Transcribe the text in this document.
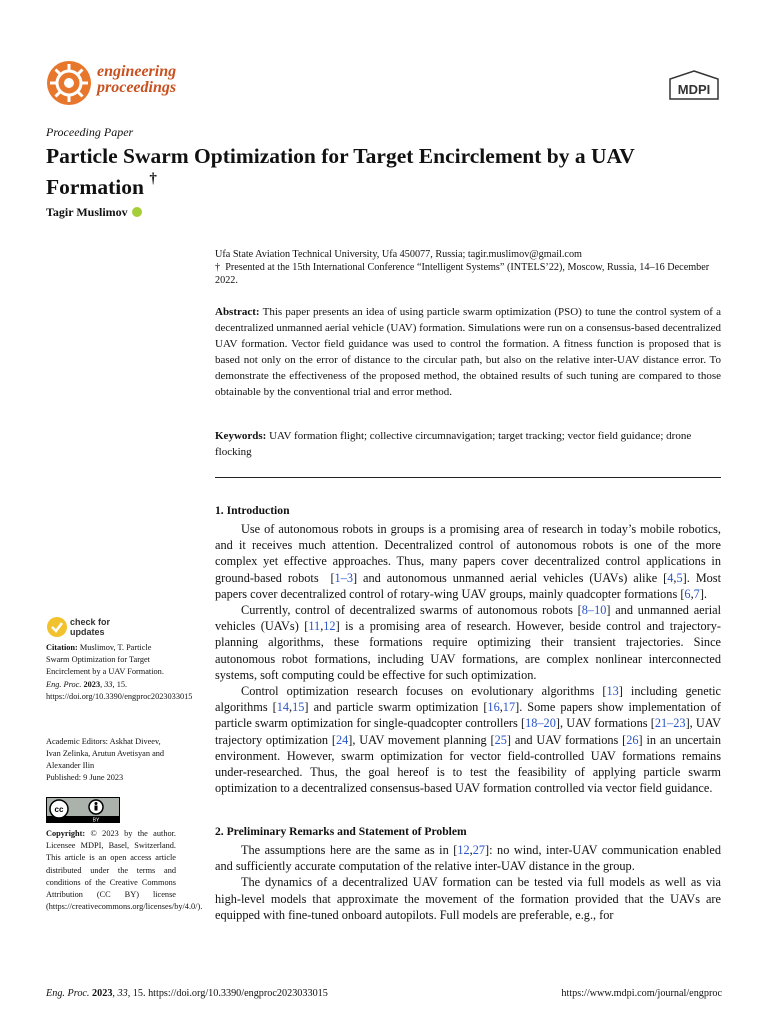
engineering
proceedings	MDPI
Proceeding Paper
Particle Swarm Optimization for Target Encirclement by a UAV Formation †
Tagir Muslimov
Ufa State Aviation Technical University, Ufa 450077, Russia; tagir.muslimov@gmail.com
† Presented at the 15th International Conference “Intelligent Systems” (INTELS’22), Moscow, Russia, 14–16 December 2022.
Abstract: This paper presents an idea of using particle swarm optimization (PSO) to tune the control system of a decentralized unmanned aerial vehicle (UAV) formation. Simulations were run on a consensus-based decentralized UAV formation. Vector field guidance was used to control the formation. A fitness function is proposed that is based not only on the error of distance to the circular path, but also on the relative inter-UAV distance error. To demonstrate the effectiveness of the proposed method, the obtained results of such tuning are compared to those obtainable by the conventional trial and error method.
Keywords: UAV formation flight; collective circumnavigation; target tracking; vector field guidance; drone flocking
1. Introduction

Use of autonomous robots in groups is a promising area of research in today’s mobile robotics, and it receives much attention. Decentralized control of autonomous robots is one of the more complex yet effective approaches. Thus, many papers cover decentralized control applications in ground-based robots  [1–3] and autonomous unmanned aerial vehicles (UAVs) alike [4,5]. Most papers cover decentralized control of rotary-wing UAV groups, mainly quadcopter formations [6,7].

Currently, control of decentralized swarms of autonomous robots [8–10] and unmanned aerial vehicles (UAVs) [11,12] is a promising area of research. However, beside control and trajectory-planning algorithms, these formations require optimizing their transient trajectories. Since autonomous robot formations, including UAV formations, are complex nonlinear interconnected systems, soft computing could be effective for such optimization.

Control optimization research focuses on evolutionary algorithms [13] including genetic algorithms [14,15] and particle swarm optimization [16,17]. Some papers show implementation of particle swarm optimization for single-quadcopter controllers [18–20], UAV formations [21–23], UAV trajectory optimization [24], UAV movement planning [25] and UAV formations [26] in an uncertain environment. However, swarm optimization for vector field-controlled UAV formations remains under-researched. Thus, the goal hereof is to test the feasibility of applying particle swarm optimization to a decentralized consensus-based UAV formation controlled via vector field guidance.

2. Preliminary Remarks and Statement of Problem

The assumptions here are the same as in [12,27]: no wind, inter-UAV communication enabled and sufficiently accurate computation of the relative inter-UAV distance in the group.

The dynamics of a decentralized UAV formation can be tested via full models as well as via high-level models that approximate the movement of the formation provided that the UAVs are equipped with fine-tuned onboard autopilots. Full models are preferable, e.g., for

check for updates
Citation: Muslimov, T. Particle Swarm Optimization for Target Encirclement by a UAV Formation. Eng. Proc. 2023, 33, 15. https://doi.org/10.3390/engproc2023033015
Academic Editors: Askhat Diveev, Ivan Zelinka, Arutun Avetisyan and Alexander Ilin
Published: 9 June 2023
cc
BY
Copyright: © 2023 by the author. Licensee MDPI, Basel, Switzerland. This article is an open access article distributed under the terms and conditions of the Creative Commons Attribution (CC BY) license (https://creativecommons.org/licenses/by/4.0/).
Eng. Proc. 2023, 33, 15. https://doi.org/10.3390/engproc2023033015	https://www.mdpi.com/journal/engproc
